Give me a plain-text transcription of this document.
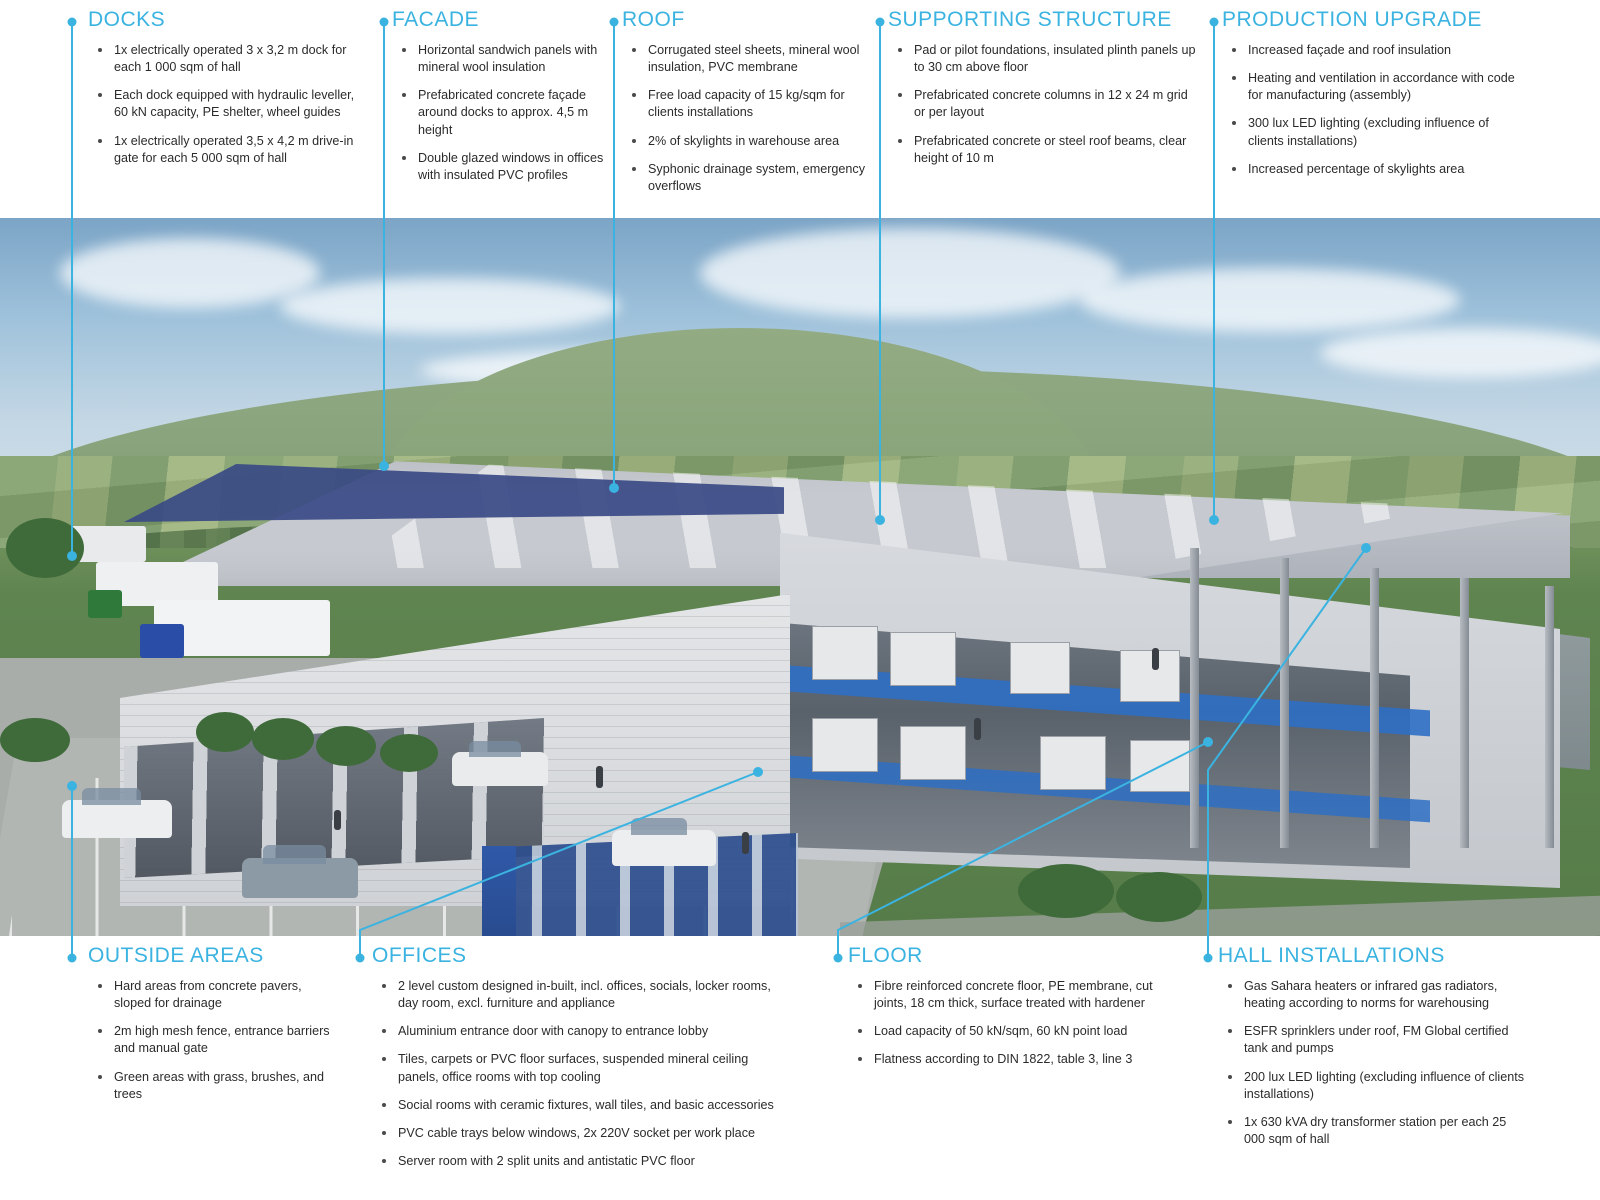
DOCKS
1x electrically operated 3 x 3,2 m dock for each 1 000 sqm of hall
Each dock equipped with hydraulic leveller, 60 kN capacity, PE shelter, wheel guides
1x electrically operated 3,5 x 4,2 m drive-in gate for each 5 000 sqm of hall
FACADE
Horizontal sandwich panels with mineral wool insulation
Prefabricated concrete façade around docks to approx. 4,5 m height
Double glazed windows in offices with insulated PVC profiles
ROOF
Corrugated steel sheets, mineral wool insulation, PVC membrane
Free load capacity of 15 kg/sqm for clients installations
2% of skylights in warehouse area
Syphonic drainage system, emergency overflows
SUPPORTING STRUCTURE
Pad or pilot foundations, insulated plinth panels up to 30 cm above floor
Prefabricated concrete columns in 12 x 24 m grid or per layout
Prefabricated concrete or steel roof beams, clear height of 10 m
PRODUCTION UPGRADE
Increased façade and roof insulation
Heating and ventilation in accordance with code for manufacturing (assembly)
300 lux LED lighting (excluding influence of clients installations)
Increased percentage of skylights area
OUTSIDE AREAS
Hard areas from concrete pavers, sloped for drainage
2m high mesh fence, entrance barriers and manual gate
Green areas with grass, brushes, and trees
OFFICES
2 level custom designed in-built, incl. offices, socials, locker rooms, day room, excl. furniture and appliance
Aluminium entrance door with canopy to entrance lobby
Tiles, carpets or PVC floor surfaces, suspended mineral ceiling panels, office rooms with top cooling
Social rooms with ceramic fixtures, wall tiles, and basic accessories
PVC cable trays below windows, 2x 220V socket per work place
Server room with 2 split units and antistatic PVC floor
FLOOR
Fibre reinforced concrete floor, PE membrane, cut joints, 18 cm thick, surface treated with hardener
Load capacity of 50 kN/sqm, 60 kN point load
Flatness according to DIN 1822, table 3, line 3
HALL INSTALLATIONS
Gas Sahara heaters or infrared gas radiators, heating according to norms for warehousing
ESFR sprinklers under roof, FM Global certified tank and pumps
200 lux LED lighting (excluding influence of clients installations)
1x 630 kVA dry transformer station per each 25 000 sqm of hall
